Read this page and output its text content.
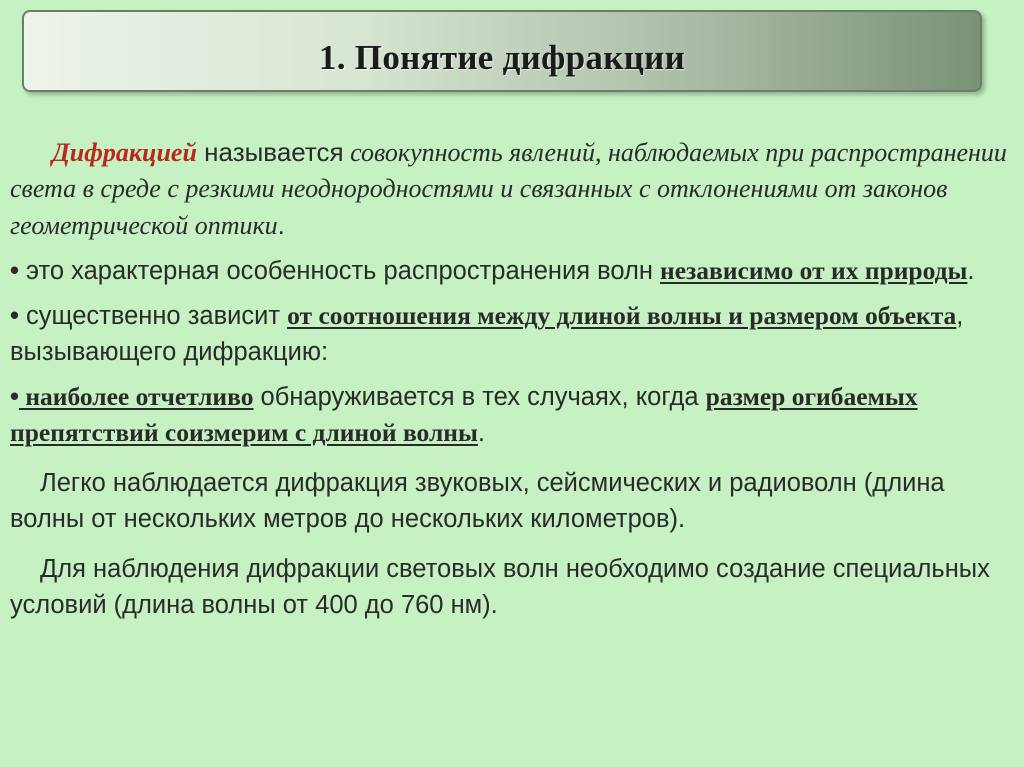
1. Понятие дифракции

Дифракцией называется совокупность явлений, наблюдаемых при распространении света в среде с резкими неоднородностями и связанных с отклонениями от законов геометрической оптики.

• это характерная особенность распространения волн независимо от их природы.

• существенно зависит от соотношения между длиной волны и размером объекта, вызывающего дифракцию:

• наиболее отчетливо обнаруживается в тех случаях, когда размер огибаемых препятствий соизмерим с длиной волны.

Легко наблюдается дифракция звуковых, сейсмических и радиоволн (длина волны от нескольких метров до нескольких километров).

Для наблюдения дифракции световых волн необходимо создание специальных условий (длина волны от 400 до 760 нм).
